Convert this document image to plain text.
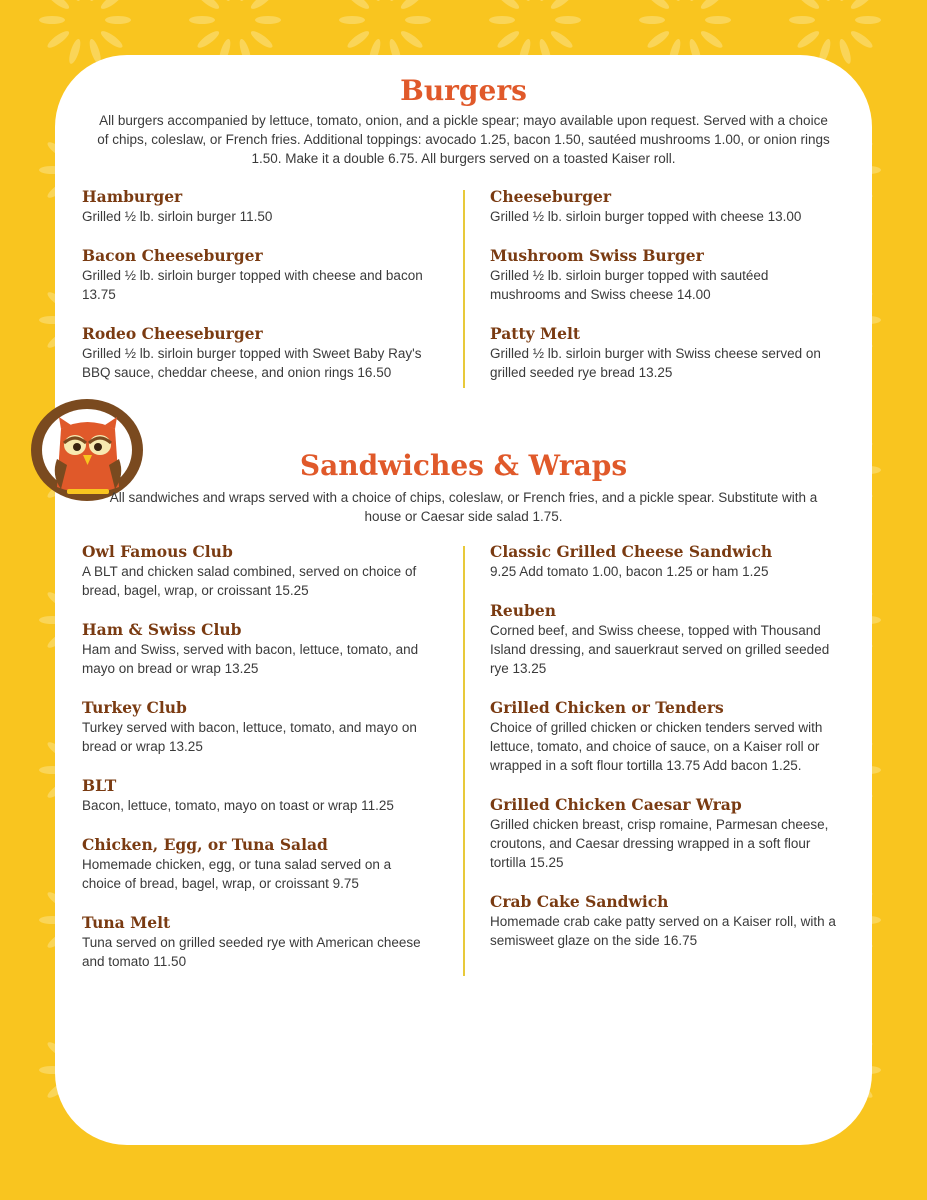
Burgers

All burgers accompanied by lettuce, tomato, onion, and a pickle spear; mayo available upon request. Served with a choice of chips, coleslaw, or French fries. Additional toppings: avocado 1.25, bacon 1.50, sautéed mushrooms 1.00, or onion rings 1.50. Make it a double 6.75. All burgers served on a toasted Kaiser roll.

Hamburger
Grilled ½ lb. sirloin burger 11.50
Bacon Cheeseburger
Grilled ½ lb. sirloin burger topped with cheese and bacon 13.75
Rodeo Cheeseburger
Grilled ½ lb. sirloin burger topped with Sweet Baby Ray's BBQ sauce, cheddar cheese, and onion rings 16.50
Cheeseburger
Grilled ½ lb. sirloin burger topped with cheese 13.00
Mushroom Swiss Burger
Grilled ½ lb. sirloin burger topped with sautéed mushrooms and Swiss cheese 14.00
Patty Melt
Grilled ½ lb. sirloin burger with Swiss cheese served on grilled seeded rye bread 13.25
Sandwiches & Wraps

All sandwiches and wraps served with a choice of chips, coleslaw, or French fries, and a pickle spear. Substitute with a house or Caesar side salad 1.75.

Owl Famous Club
A BLT and chicken salad combined, served on choice of bread, bagel, wrap, or croissant 15.25
Ham & Swiss Club
Ham and Swiss, served with bacon, lettuce, tomato, and mayo on bread or wrap 13.25
Turkey Club
Turkey served with bacon, lettuce, tomato, and mayo on bread or wrap 13.25
BLT
Bacon, lettuce, tomato, mayo on toast or wrap 11.25
Chicken, Egg, or Tuna Salad
Homemade chicken, egg, or tuna salad served on a choice of bread, bagel, wrap, or croissant 9.75
Tuna Melt
Tuna served on grilled seeded rye with American cheese and tomato 11.50
Classic Grilled Cheese Sandwich
9.25 Add tomato 1.00, bacon 1.25 or ham 1.25
Reuben
Corned beef, and Swiss cheese, topped with Thousand Island dressing, and sauerkraut served on grilled seeded rye 13.25
Grilled Chicken or Tenders
Choice of grilled chicken or chicken tenders served with lettuce, tomato, and choice of sauce, on a Kaiser roll or wrapped in a soft flour tortilla 13.75 Add bacon 1.25.
Grilled Chicken Caesar Wrap
Grilled chicken breast, crisp romaine, Parmesan cheese, croutons, and Caesar dressing wrapped in a soft flour tortilla 15.25
Crab Cake Sandwich
Homemade crab cake patty served on a Kaiser roll, with a semisweet glaze on the side 16.75
